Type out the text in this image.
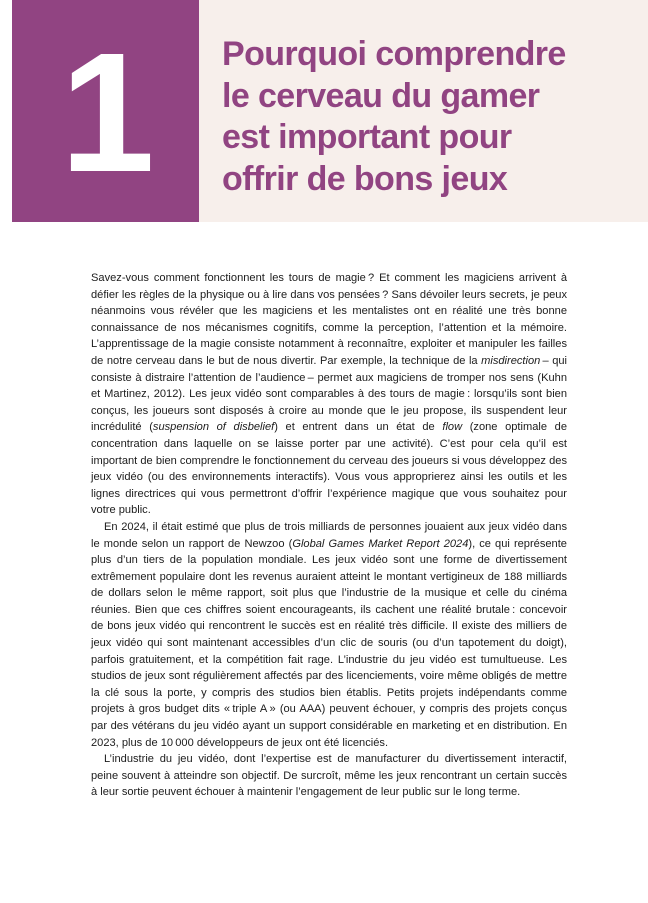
1	Pourquoi comprendre
le cerveau du gamer
est important pour
offrir de bons jeux

Savez-vous comment fonctionnent les tours de magie ? Et comment les magiciens arrivent à défier les règles de la physique ou à lire dans vos pensées ? Sans dévoiler leurs secrets, je peux néanmoins vous révéler que les magiciens et les mentalistes ont en réalité une très bonne connaissance de nos mécanismes cognitifs, comme la perception, l’attention et la mémoire. L’apprentissage de la magie consiste notamment à reconnaître, exploiter et manipuler les failles de notre cerveau dans le but de nous divertir. Par exemple, la technique de la misdirection – qui consiste à distraire l’attention de l’audience – permet aux magiciens de tromper nos sens (Kuhn et Martinez, 2012). Les jeux vidéo sont comparables à des tours de magie : lorsqu’ils sont bien conçus, les joueurs sont disposés à croire au monde que le jeu propose, ils suspendent leur incrédulité (suspension of disbelief) et entrent dans un état de flow (zone optimale de concentration dans laquelle on se laisse porter par une activité). C’est pour cela qu’il est important de bien comprendre le fonctionnement du cerveau des joueurs si vous développez des jeux vidéo (ou des environnements interactifs). Vous vous approprierez ainsi les outils et les lignes directrices qui vous permettront d’offrir l’expérience magique que vous souhaitez pour votre public.

En 2024, il était estimé que plus de trois milliards de personnes jouaient aux jeux vidéo dans le monde selon un rapport de Newzoo (Global Games Market Report 2024), ce qui représente plus d’un tiers de la population mondiale. Les jeux vidéo sont une forme de divertissement extrêmement populaire dont les revenus auraient atteint le montant vertigineux de 188 milliards de dollars selon le même rapport, soit plus que l’industrie de la musique et celle du cinéma réunies. Bien que ces chiffres soient encourageants, ils cachent une réalité brutale : concevoir de bons jeux vidéo qui rencontrent le succès est en réalité très difficile. Il existe des milliers de jeux vidéo qui sont maintenant accessibles d’un clic de souris (ou d’un tapotement du doigt), parfois gratuitement, et la compétition fait rage. L’industrie du jeu vidéo est tumultueuse. Les studios de jeux sont régulièrement affectés par des licenciements, voire même obligés de mettre la clé sous la porte, y compris des studios bien établis. Petits projets indépendants comme projets à gros budget dits « triple A » (ou AAA) peuvent échouer, y compris des projets conçus par des vétérans du jeu vidéo ayant un support considérable en marketing et en distribution. En 2023, plus de 10 000 développeurs de jeux ont été licenciés.

L’industrie du jeu vidéo, dont l’expertise est de manufacturer du divertissement interactif, peine souvent à atteindre son objectif. De surcroît, même les jeux rencontrant un certain succès à leur sortie peuvent échouer à maintenir l’engagement de leur public sur le long terme.
